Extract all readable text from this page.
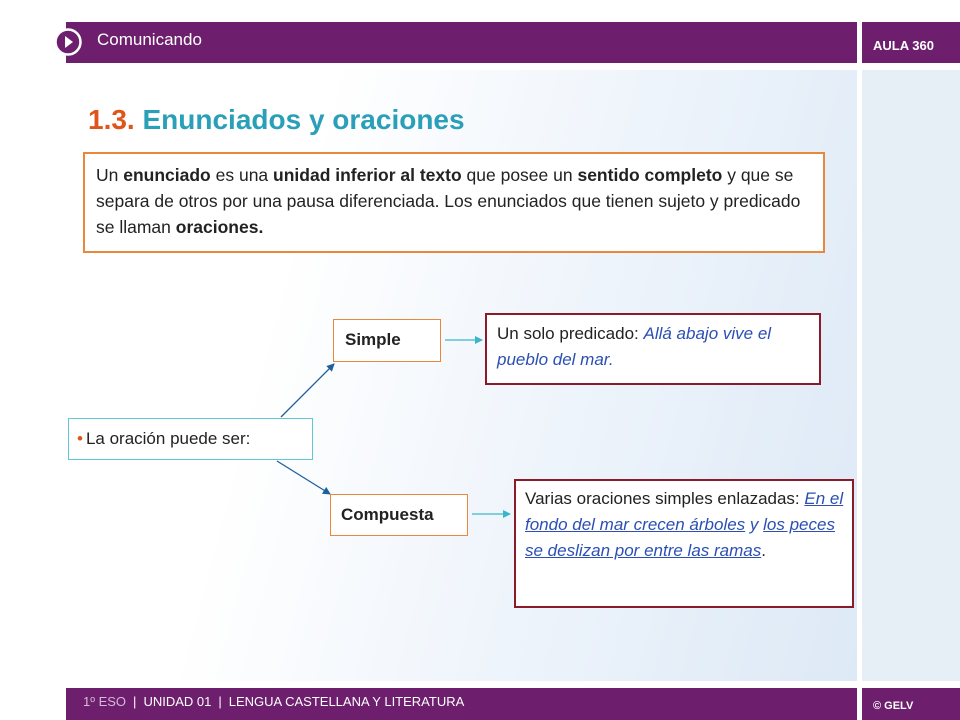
Comunicando	AULA 360
1.3. Enunciados y oraciones
Un enunciado es una unidad inferior al texto que posee un sentido completo y que se separa de otros por una pausa diferenciada. Los enunciados que tienen sujeto y predicado se llaman oraciones.
• La oración puede ser:
Simple
Compuesta
Un solo predicado: Allá abajo vive el pueblo del mar.
Varias oraciones simples enlazadas: En el fondo del mar crecen árboles y los peces se deslizan por entre las ramas.
1º ESO | UNIDAD 01 | LENGUA CASTELLANA Y LITERATURA	© GELV
